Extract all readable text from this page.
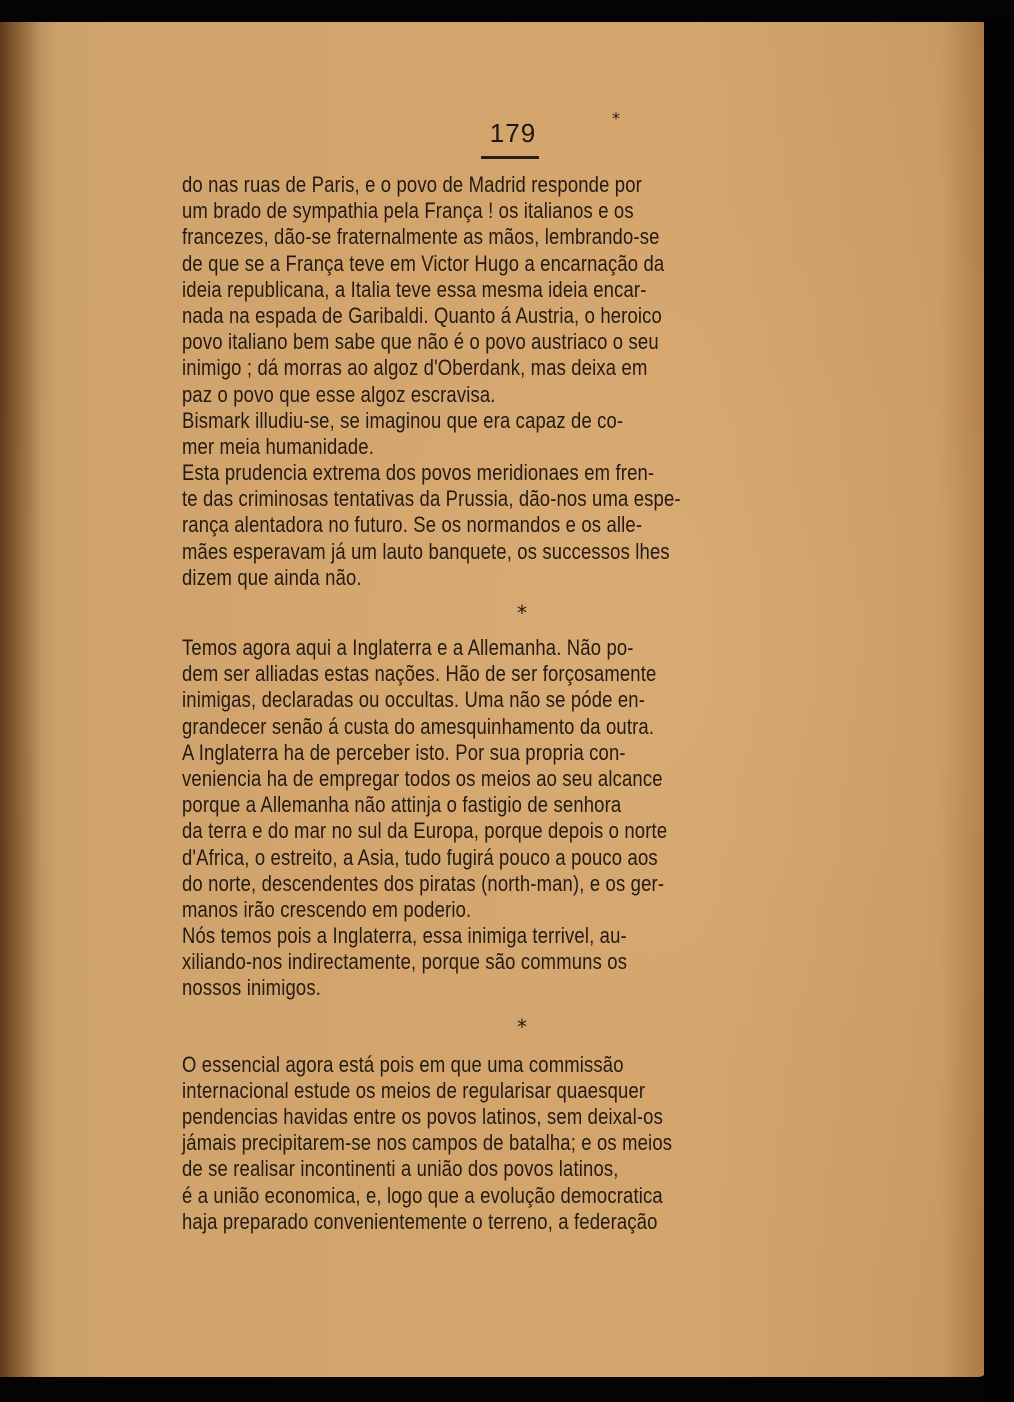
179
⁎
do nas ruas de Paris, e o povo de Madrid responde por
um brado de sympathia pela França ! os italianos e os
francezes, dão-se fraternalmente as mãos, lembrando-se
de que se a França teve em Victor Hugo a encarnação da
ideia republicana, a Italia teve essa mesma ideia encar-
nada na espada de Garibaldi. Quanto á Austria, o heroico
povo italiano bem sabe que não é o povo austriaco o seu
inimigo ; dá morras ao algoz d'Oberdank, mas deixa em
paz o povo que esse algoz escravisa.
Bismark illudiu-se, se imaginou que era capaz de co-
mer meia humanidade.
Esta prudencia extrema dos povos meridionaes em fren-
te das criminosas tentativas da Prussia, dão-nos uma espe-
rança alentadora no futuro. Se os normandos e os alle-
mães esperavam já um lauto banquete, os successos lhes
dizem que ainda não.
*
Temos agora aqui a Inglaterra e a Allemanha. Não po-
dem ser alliadas estas nações. Hão de ser forçosamente
inimigas, declaradas ou occultas. Uma não se póde en-
grandecer senão á custa do amesquinhamento da outra.
A Inglaterra ha de perceber isto. Por sua propria con-
veniencia ha de empregar todos os meios ao seu alcance
porque a Allemanha não attinja o fastigio de senhora
da terra e do mar no sul da Europa, porque depois o norte
d'Africa, o estreito, a Asia, tudo fugirá pouco a pouco aos
do norte, descendentes dos piratas (north-man), e os ger-
manos irão crescendo em poderio.
Nós temos pois a Inglaterra, essa inimiga terrivel, au-
xiliando-nos indirectamente, porque são communs os
nossos inimigos.
*
O essencial agora está pois em que uma commissão
internacional estude os meios de regularisar quaesquer
pendencias havidas entre os povos latinos, sem deixal-os
jámais precipitarem-se nos campos de batalha; e os meios
de se realisar incontinenti a união dos povos latinos,
é a união economica, e, logo que a evolução democratica
haja preparado convenientemente o terreno, a federação
